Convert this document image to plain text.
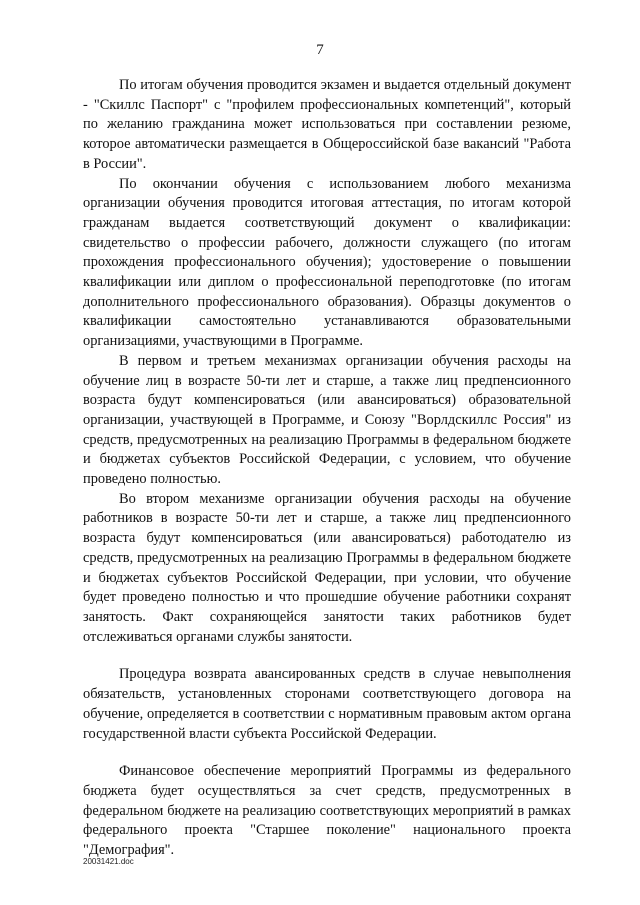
7

По итогам обучения проводится экзамен и выдается отдельный документ - "Скиллс Паспорт" с "профилем профессиональных компетенций", который по желанию гражданина может использоваться при составлении резюме, которое автоматически размещается в Общероссийской базе вакансий "Работа в России".

По окончании обучения с использованием любого механизма организации обучения проводится итоговая аттестация, по итогам которой гражданам выдается соответствующий документ о квалификации: свидетельство о профессии рабочего, должности служащего (по итогам прохождения профессионального обучения); удостоверение о повышении квалификации или диплом о профессиональной переподготовке (по итогам дополнительного профессионального образования). Образцы документов о квалификации самостоятельно устанавливаются образовательными организациями, участвующими в Программе.

В первом и третьем механизмах организации обучения расходы на обучение лиц в возрасте 50-ти лет и старше, а также лиц предпенсионного возраста будут компенсироваться (или авансироваться) образовательной организации, участвующей в Программе, и Союзу "Ворлдскиллс Россия" из средств, предусмотренных на реализацию Программы в федеральном бюджете и бюджетах субъектов Российской Федерации, с условием, что обучение проведено полностью.

Во втором механизме организации обучения расходы на обучение работников в возрасте 50-ти лет и старше, а также лиц предпенсионного возраста будут компенсироваться (или авансироваться) работодателю из средств, предусмотренных на реализацию Программы в федеральном бюджете и бюджетах субъектов Российской Федерации, при условии, что обучение будет проведено полностью и что прошедшие обучение работники сохранят занятость. Факт сохраняющейся занятости таких работников будет отслеживаться органами службы занятости.

Процедура возврата авансированных средств в случае невыполнения обязательств, установленных сторонами соответствующего договора на обучение, определяется в соответствии с нормативным правовым актом органа государственной власти субъекта Российской Федерации.

Финансовое обеспечение мероприятий Программы из федерального бюджета будет осуществляться за счет средств, предусмотренных в федеральном бюджете на реализацию соответствующих мероприятий в рамках федерального проекта "Старшее поколение" национального проекта "Демография".

20031421.doc
